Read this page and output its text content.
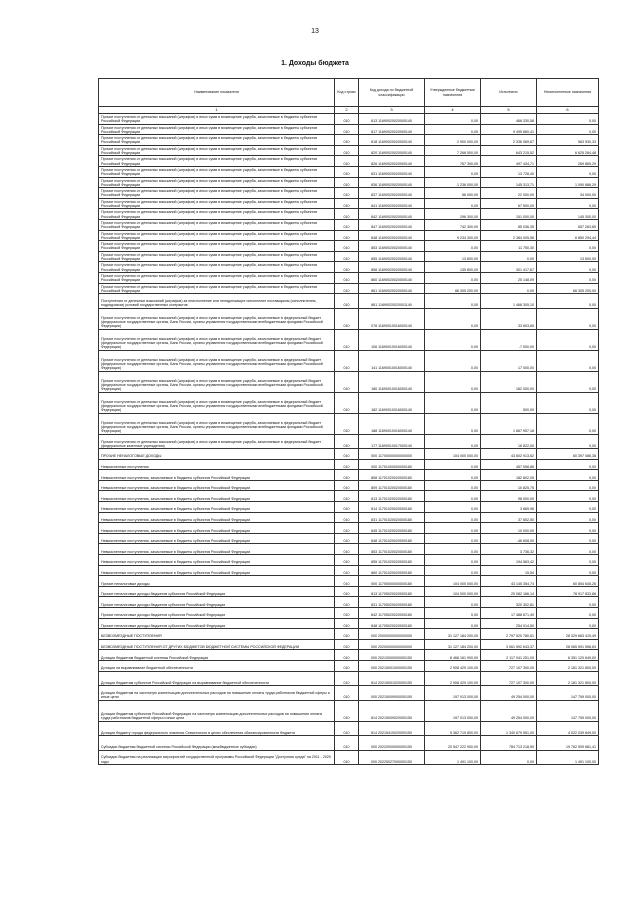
13
1. Доходы бюджета
Наименование показателя	Код строки	Код дохода по бюджетной классификации	Утвержденные бюджетные назначения	Исполнено	Неисполненные назначения
1	2	3	4	5	6
Прочие поступления от денежных взысканий (штрафов) и иных сумм в возмещение ущерба, зачисляемые в бюджеты субъектов Российской Федерации	010	813 1169002002000014​0	0,00	466 330,58	0,00
Прочие поступления от денежных взысканий (штрафов) и иных сумм в возмещение ущерба, зачисляемые в бюджеты субъектов Российской Федерации	010	817 11690020020000140	0,00	9 495 660,41	0,00
Прочие поступления от денежных взысканий (штрафов) и иных сумм в возмещение ущерба, зачисляемые в бюджеты субъектов Российской Федерации	010	818 11690020020000140	2 900 000,00	2 336 069,67	563 930,33
Прочие поступления от денежных взысканий (штрафов) и иных сумм в возмещение ущерба, зачисляемые в бюджеты субъектов Российской Федерации	010	820 11690020020000140	7 268 500,00	643 215,52	6 625 284,48
Прочие поступления от денежных взысканий (штрафов) и иных сумм в возмещение ущерба, зачисляемые в бюджеты субъектов Российской Федерации	010	826 11690020020000140	767 300,00	497 434,71	269 865,29
Прочие поступления от денежных взысканий (штрафов) и иных сумм в возмещение ущерба, зачисляемые в бюджеты субъектов Российской Федерации	010	831 11690020020000140	0,00	13 728,40	0,00
Прочие поступления от денежных взысканий (штрафов) и иных сумм в возмещение ущерба, зачисляемые в бюджеты субъектов Российской Федерации	010	836 11690020020000140	1 236 000,00	145 313,71	1 090 686,29
Прочие поступления от денежных взысканий (штрафов) и иных сумм в возмещение ущерба, зачисляемые в бюджеты субъектов Российской Федерации	010	837 11690020020000140	56 000,00	22 000,00	34 000,00
Прочие поступления от денежных взысканий (штрафов) и иных сумм в возмещение ущерба, зачисляемые в бюджеты субъектов Российской Федерации	010	841 11690020020000140	0,00	67 500,00	0,00
Прочие поступления от денежных взысканий (штрафов) и иных сумм в возмещение ущерба, зачисляемые в бюджеты субъектов Российской Федерации	010	842 11690020020000140	296 300,00	151 000,00	145 300,00
Прочие поступления от денежных взысканий (штрафов) и иных сумм в возмещение ущерба, зачисляемые в бюджеты субъектов Российской Федерации	010	847 11690020020000140	742 300,00	85 036,35	657 263,65
Прочие поступления от денежных взысканий (штрафов) и иных сумм в возмещение ущерба, зачисляемые в бюджеты субъектов Российской Федерации	010	848 11690020020000140	9 234 300,00	2 384 005,56	6 850 294,44
Прочие поступления от денежных взысканий (штрафов) и иных сумм в возмещение ущерба, зачисляемые в бюджеты субъектов Российской Федерации	010	853 11690020020000140	0,00	11 750,30	0,00
Прочие поступления от денежных взысканий (штрафов) и иных сумм в возмещение ущерба, зачисляемые в бюджеты субъектов Российской Федерации	010	855 11690020020000140	13 600,00	0,00	13 600,00
Прочие поступления от денежных взысканий (штрафов) и иных сумм в возмещение ущерба, зачисляемые в бюджеты субъектов Российской Федерации	010	856 11690020020000140	135 800,00	301 417,67	0,00
Прочие поступления от денежных взысканий (штрафов) и иных сумм в возмещение ущерба, зачисляемые в бюджеты субъектов Российской Федерации	010	860 11690020020000140	0,00	25 148,09	0,00
Прочие поступления от денежных взысканий (штрафов) и иных сумм в возмещение ущерба, зачисляемые в бюджеты субъектов Российской Федерации	010	861 11690020020000140	66 305 200,00	0,00	66 305 200,00
Поступления от денежных взысканий (штрафов) за неисполнение или ненадлежащее исполнение поставщиком (исполнителем, подрядчиком) условий государственных контрактов	010	861 11690020020001140	0,00	1 468 305,10	0,00
Прочие поступления от денежных взысканий (штрафов) и иных сумм в возмещение ущерба, зачисляемые в федеральный бюджет (федеральные государственные органы, Банк России, органы управления государственными внебюджетными фондами Российской Федерации)	010	076 11690010016000140	0,00	33 603,65	0,00
Прочие поступления от денежных взысканий (штрафов) и иных сумм в возмещение ущерба, зачисляемые в федеральный бюджет (федеральные государственные органы, Банк России, органы управления государственными внебюджетными фондами Российской Федерации)	010	106 11690010016000140	0,00	-7 000,00	0,00
Прочие поступления от денежных взысканий (штрафов) и иных сумм в возмещение ущерба, зачисляемые в федеральный бюджет (федеральные государственные органы, Банк России, органы управления государственными внебюджетными фондами Российской Федерации)	010	141 11690010016000140	0,00	17 000,00	0,00
Прочие поступления от денежных взысканий (штрафов) и иных сумм в возмещение ущерба, зачисляемые в федеральный бюджет (федеральные государственные органы, Банк России, органы управления государственными внебюджетными фондами Российской Федерации)	010	180 11690010016000140	0,00	162 000,00	0,00
Прочие поступления от денежных взысканий (штрафов) и иных сумм в возмещение ущерба, зачисляемые в федеральный бюджет (федеральные государственные органы, Банк России, органы управления государственными внебюджетными фондами Российской Федерации)	010	182 11690010016000140	0,00	500,00	0,00
Прочие поступления от денежных взысканий (штрафов) и иных сумм в возмещение ущерба, зачисляемые в федеральный бюджет (федеральные государственные органы, Банк России, органы управления государственными внебюджетными фондами Российской Федерации)	010	188 11690010016000140	0,00	1 667 957,18	0,00
Прочие поступления от денежных взысканий (штрафов) и иных сумм в возмещение ущерба, зачисляемые в федеральный бюджет (федеральные казенные учреждения)	010	177 11690010017000140	0,00	16 822,00	0,00
ПРОЧИЕ НЕНАЛОГОВЫЕ ДОХОДЫ	010	000 11700000000000000	104 000 000,00	43 602 913,62	60 397 086,38
Невыясненные поступления	010	000 11701000000000180	0,00	457 558,88	0,00
Невыясненные поступления, зачисляемые в бюджеты субъектов Российской Федерации	010	808 11701020020000180	0,00	182 802,05	0,00
Невыясненные поступления, зачисляемые в бюджеты субъектов Российской Федерации	010	809 11701020020000180	0,00	10 825,75	0,00
Невыясненные поступления, зачисляемые в бюджеты субъектов Российской Федерации	010	813 11701020020000180	0,00	98 000,00	0,00
Невыясненные поступления, зачисляемые в бюджеты субъектов Российской Федерации	010	814 11701020020000180	0,00	3 669,96	0,00
Невыясненные поступления, зачисляемые в бюджеты субъектов Российской Федерации	010	831 11701020020000180	0,00	37 652,50	0,00
Невыясненные поступления, зачисляемые в бюджеты субъектов Российской Федерации	010	845 11701020020000180	0,00	10 000,00	0,00
Невыясненные поступления, зачисляемые в бюджеты субъектов Российской Федерации	010	848 11701020020000180	0,00	-46 608,00	0,00
Невыясненные поступления, зачисляемые в бюджеты субъектов Российской Федерации	010	853 11701020020000180	0,00	3 736,32	0,00
Невыясненные поступления, зачисляемые в бюджеты субъектов Российской Федерации	010	855 11701020020000180	0,00	194 563,42	0,00
Невыясненные поступления, зачисляемые в бюджеты субъектов Российской Федерации	010	860 11701020020000180	0,00	15,54	0,00
Прочие неналоговые доходы	010	000 11705000000000180	104 000 000,00	43 145 354,74	60 854 645,26
Прочие неналоговые доходы бюджетов субъектов Российской Федерации	010	813 11705020020000180	104 000 000,00	25 082 166,14	78 917 833,86
Прочие неналоговые доходы бюджетов субъектов Российской Федерации	010	831 11705020020000180	0,00	320 302,81	0,00
Прочие неналоговые доходы бюджетов субъектов Российской Федерации	010	842 11705020020000180	0,00	17 488 671,49	0,00
Прочие неналоговые доходы бюджетов субъектов Российской Федерации	010	848 11705020020000180	0,00	254 014,50	0,00
БЕЗВОЗМЕЗДНЫЕ ПОСТУПЛЕНИЯ	010	000 20000000000000000	31 127 184 200,00	2 797 520 780,51	28 329 663 419,49
БЕЗВОЗМЕЗДНЫЕ ПОСТУПЛЕНИЯ ОТ ДРУГИХ БЮДЖЕТОВ БЮДЖЕТНОЙ СИСТЕМЫ РОССИЙСКОЙ ФЕДЕРАЦИИ	010	000 20200000000000000	31 127 184 200,00	3 061 592 643,37	28 065 591 556,63
Дотации бюджетам бюджетной системы Российской Федерации	010	000 20210000000000150	8 468 161 900,00	2 117 041 251,00	6 351 120 649,00
Дотации на выравнивание бюджетной обеспеченности	010	000 20215001000000150	2 908 429 100,00	727 107 300,00	2 181 321 800,00
Дотации бюджетам субъектов Российской Федерации на выравнивание бюджетной обеспеченности	010	814 20215001020000150	2 908 429 100,00	727 107 300,00	2 181 321 800,00
Дотации бюджетам на частичную компенсацию дополнительных расходов на повышение оплаты труда работников бюджетной сферы и иные цели	010	000 20215009000000150	197 013 000,00	49 254 000,00	147 759 000,00
Дотации бюджетам субъектов Российской Федерации на частичную компенсацию дополнительных расходов на повышение оплаты труда работников бюджетной сферы и иные цели	010	814 20215009020000150	197 013 000,00	49 254 000,00	147 759 000,00
Дотации бюджету города федерального значения Севастополя в целях обеспечения сбалансированности бюджета	010	814 20215410020000150	5 362 719 800,00	1 340 679 951,00	4 022 039 849,00
Субсидии бюджетам бюджетной системы Российской Федерации (межбюджетные субсидии)	010	000 20220000000000150	20 547 222 900,00	784 713 218,59	19 762 509 681,41
Субсидии бюджетам на реализацию мероприятий государственной программы Российской Федерации "Доступная среда" на 2011 - 2020 годы	010	000 20225027000000150	1 491 100,00	0,00	1 491 100,00
